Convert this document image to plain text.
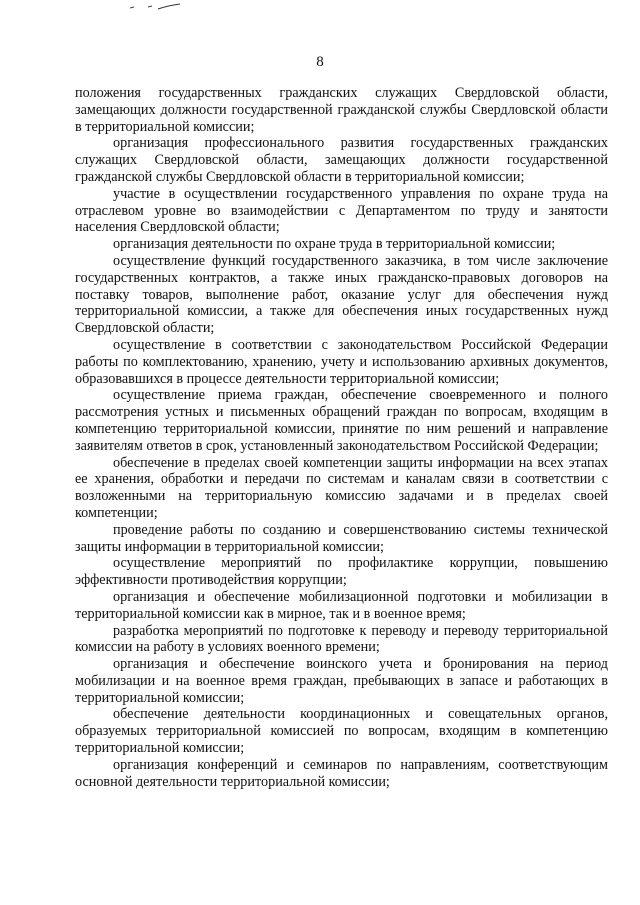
8

положения государственных гражданских служащих Свердловской области, замещающих должности государственной гражданской службы Свердловской области в территориальной комиссии;

организация профессионального развития государственных гражданских служащих Свердловской области, замещающих должности государственной гражданской службы Свердловской области в территориальной комиссии;

участие в осуществлении государственного управления по охране труда на отраслевом уровне во взаимодействии с Департаментом по труду и занятости населения Свердловской области;

организация деятельности по охране труда в территориальной комиссии;

осуществление функций государственного заказчика, в том числе заключение государственных контрактов, а также иных гражданско-правовых договоров на поставку товаров, выполнение работ, оказание услуг для обеспечения нужд территориальной комиссии, а также для обеспечения иных государственных нужд Свердловской области;

осуществление в соответствии с законодательством Российской Федерации работы по комплектованию, хранению, учету и использованию архивных документов, образовавшихся в процессе деятельности территориальной комиссии;

осуществление приема граждан, обеспечение своевременного и полного рассмотрения устных и письменных обращений граждан по вопросам, входящим в компетенцию территориальной комиссии, принятие по ним решений и направление заявителям ответов в срок, установленный законодательством Российской Федерации;

обеспечение в пределах своей компетенции защиты информации на всех этапах ее хранения, обработки и передачи по системам и каналам связи в соответствии с возложенными на территориальную комиссию задачами и в пределах своей компетенции;

проведение работы по созданию и совершенствованию системы технической защиты информации в территориальной комиссии;

осуществление мероприятий по профилактике коррупции, повышению эффективности противодействия коррупции;

организация и обеспечение мобилизационной подготовки и мобилизации в территориальной комиссии как в мирное, так и в военное время;

разработка мероприятий по подготовке к переводу и переводу территориальной комиссии на работу в условиях военного времени;

организация и обеспечение воинского учета и бронирования на период мобилизации и на военное время граждан, пребывающих в запасе и работающих в территориальной комиссии;

обеспечение деятельности координационных и совещательных органов, образуемых территориальной комиссией по вопросам, входящим в компетенцию территориальной комиссии;

организация конференций и семинаров по направлениям, соответствующим основной деятельности территориальной комиссии;
